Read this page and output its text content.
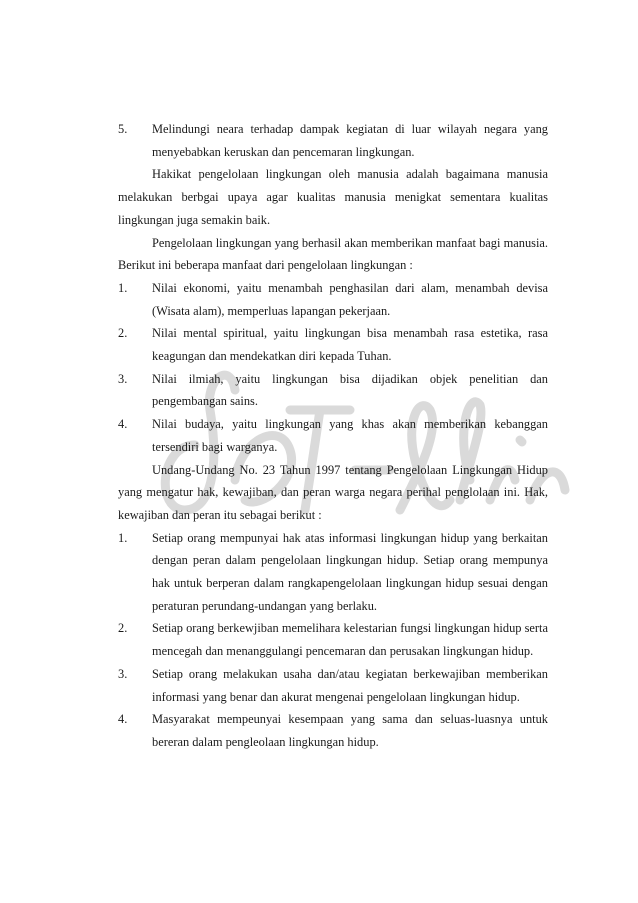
5.	Melindungi neara terhadap dampak kegiatan di luar wilayah negara yang menyebabkan keruskan dan pencemaran lingkungan.
Hakikat pengelolaan lingkungan oleh manusia adalah bagaimana manusia melakukan berbgai upaya agar kualitas manusia menigkat sementara kualitas lingkungan juga semakin baik.
Pengelolaan lingkungan yang berhasil akan memberikan manfaat bagi manusia. Berikut ini beberapa manfaat dari pengelolaan lingkungan :
1.	Nilai ekonomi, yaitu menambah penghasilan dari alam, menambah devisa (Wisata alam), memperluas lapangan pekerjaan.
2.	Nilai mental spiritual, yaitu lingkungan bisa menambah rasa estetika, rasa keagungan dan mendekatkan diri kepada Tuhan.
3.	Nilai ilmiah, yaitu lingkungan bisa dijadikan objek penelitian dan pengembangan sains.
4.	Nilai budaya, yaitu lingkungan yang khas akan memberikan kebanggan tersendiri bagi warganya.
Undang-Undang No. 23 Tahun 1997 tentang Pengelolaan Lingkungan Hidup yang mengatur hak, kewajiban, dan peran warga negara perihal penglolaan ini. Hak, kewajiban dan peran itu sebagai berikut :
1.	Setiap orang mempunyai hak atas informasi lingkungan hidup yang berkaitan dengan peran dalam pengelolaan lingkungan hidup. Setiap orang mempunya hak untuk berperan dalam rangkapengelolaan lingkungan hidup sesuai dengan peraturan perundang-undangan yang berlaku.
2.	Setiap orang berkewjiban memelihara kelestarian fungsi lingkungan hidup serta mencegah dan menanggulangi pencemaran dan perusakan lingkungan hidup.
3.	Setiap orang melakukan usaha dan/atau kegiatan berkewajiban memberikan informasi yang benar dan akurat mengenai pengelolaan lingkungan hidup.
4.	Masyarakat mempeunyai kesempaan yang sama dan seluas-luasnya untuk bereran dalam pengleolaan lingkungan hidup.
